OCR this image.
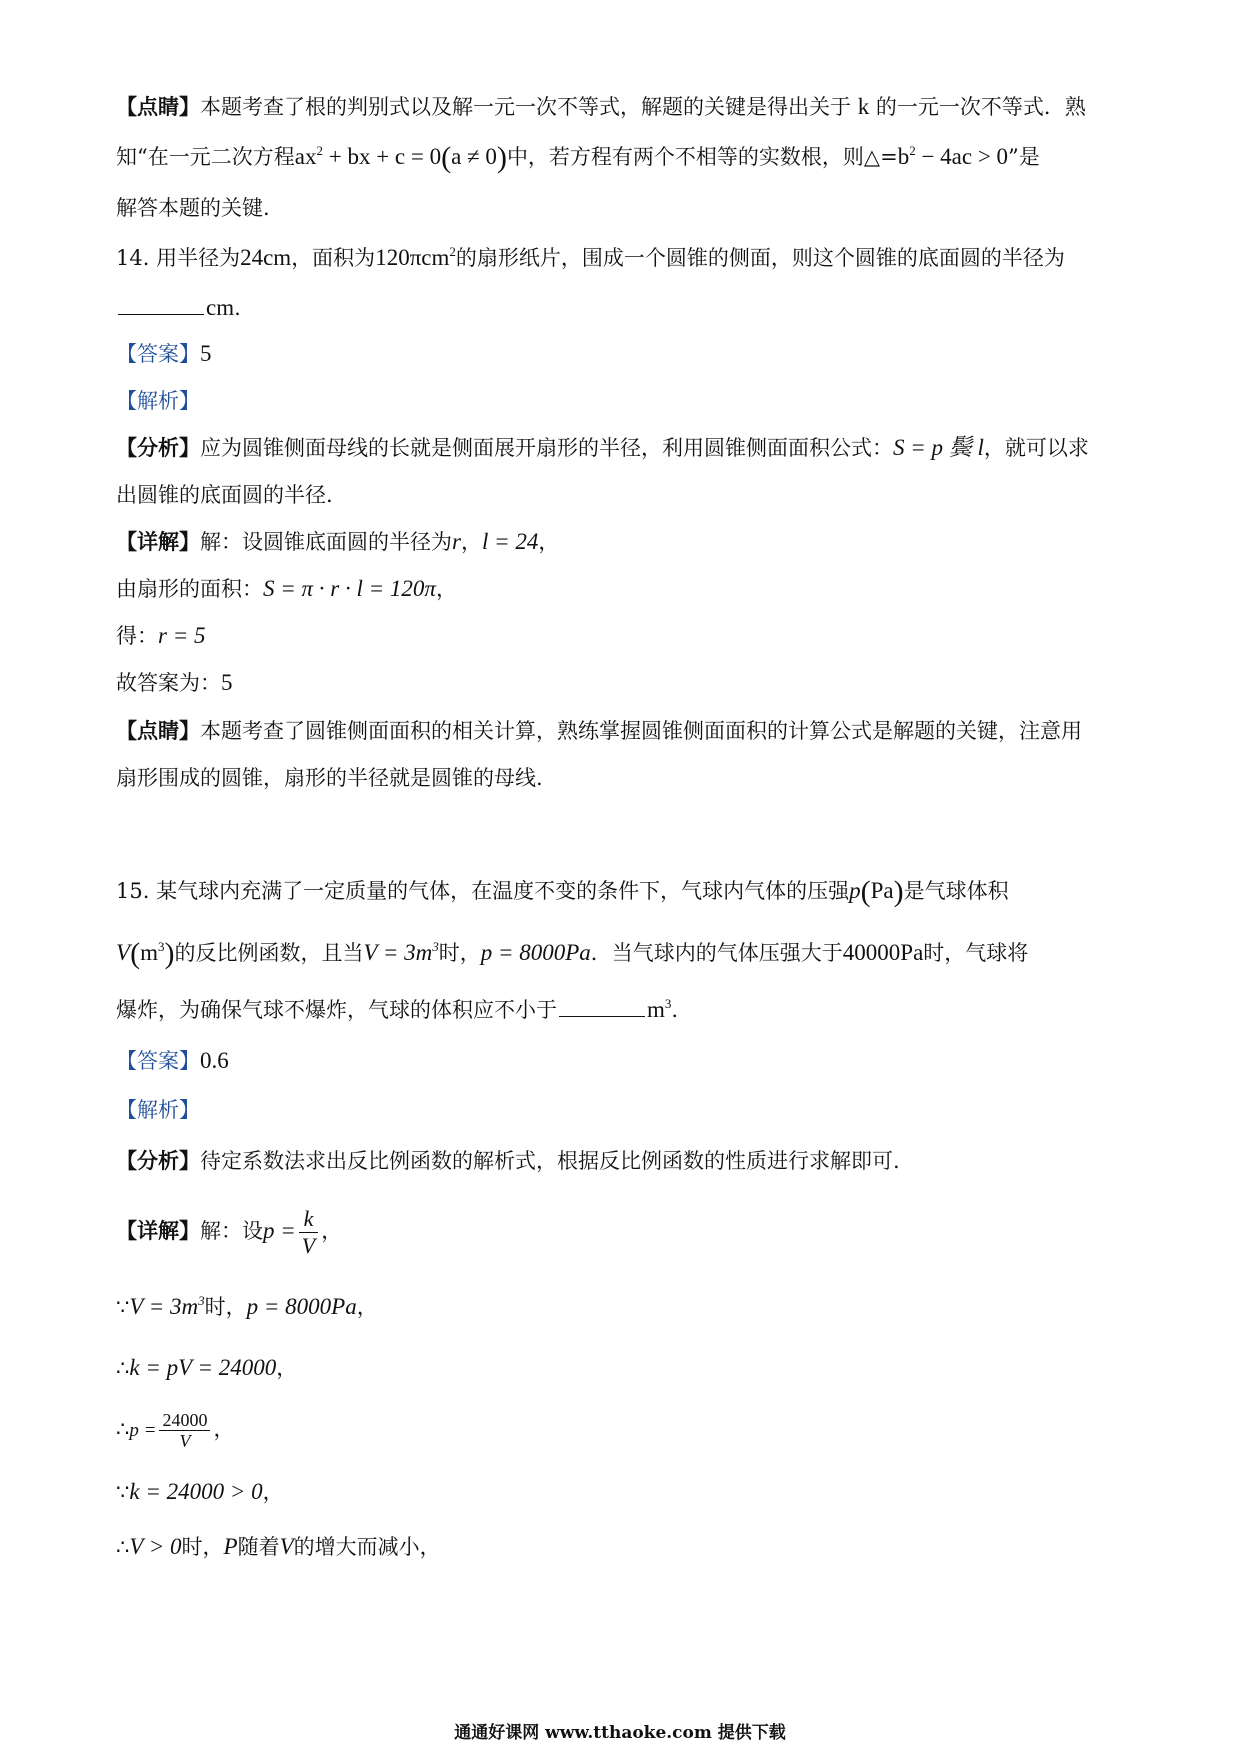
【点睛】本题考查了根的判别式以及解一元一次不等式，解题的关键是得出关于 k 的一元一次不等式．熟
知“在一元二次方程$ax^2$ + bx + c = 0(a ≠ 0)中，若方程有两个不相等的实数根，则$\triangle=b^2 - 4ac > 0$”是
解答本题的关键.
14. 用半径为24cm，面积为120πcm$^2$的扇形纸片，围成一个圆锥的侧面，则这个圆锥的底面圆的半径为
cm.
【答案】5
【解析】
【分析】应为圆锥侧面母线的长就是侧面展开扇形的半径，利用圆锥侧面面积公式：S = p 鬓 l，就可以求
出圆锥的底面圆的半径.
【详解】解：设圆锥底面圆的半径为r，l = 24，
由扇形的面积：S = π · r · l = 120π，
得：r = 5
故答案为：5
【点睛】本题考查了圆锥侧面面积的相关计算，熟练掌握圆锥侧面面积的计算公式是解题的关键，注意用
扇形围成的圆锥，扇形的半径就是圆锥的母线.
15. 某气球内充满了一定质量的气体，在温度不变的条件下，气球内气体的压强p(Pa)是气球体积
$V(m^3)$的反比例函数，且当$V = 3m^3$时，p = 8000Pa．当气球内的气体压强大于40000Pa时，气球将
爆炸，为确保气球不爆炸，气球的体积应不小于	$m^3$.
【答案】0.6
【解析】
【分析】待定系数法求出反比例函数的解析式，根据反比例函数的性质进行求解即可.
【详解】解：设$p = \frac{k}{V}$ ，
∵V = $3m^3$时，p = 8000Pa，
∴k = pV = 24000，
∴p = $\frac{24000}{V}$ ，
∵k = 24000 > 0，
∴V > 0时，P随着V的增大而减小，
通通好课网 www.tthaoke.com 提供下载
